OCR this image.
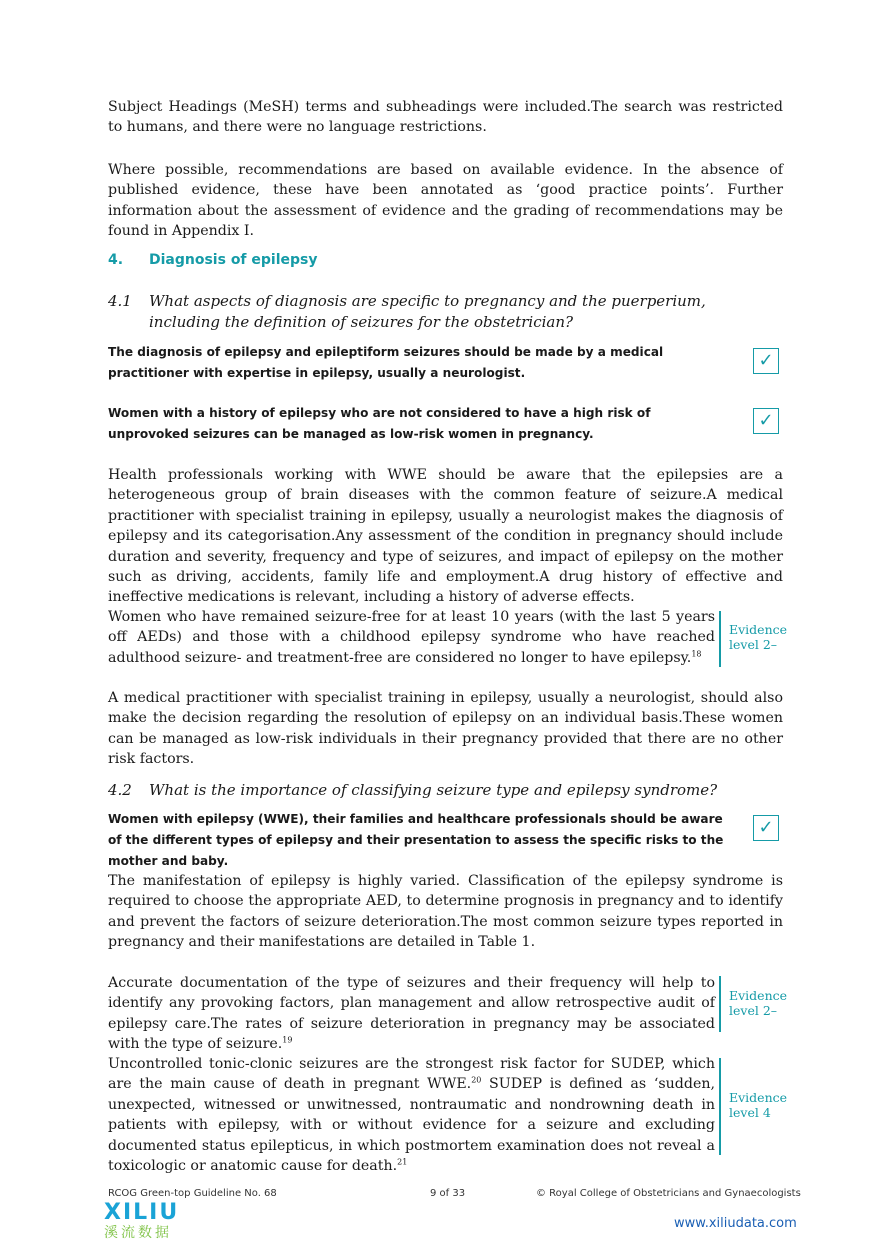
Subject Headings (MeSH) terms and subheadings were included.The search was restricted to humans, and there were no language restrictions.

Where possible, recommendations are based on available evidence. In the absence of published evidence, these have been annotated as ‘good practice points’. Further information about the assessment of evidence and the grading of recommendations may be found in Appendix I.

4. Diagnosis of epilepsy
4.1 What aspects of diagnosis are specific to pregnancy and the puerperium, including the definition of seizures for the obstetrician?

The diagnosis of epilepsy and epileptiform seizures should be made by a medical practitioner with expertise in epilepsy, usually a neurologist.

✓

Women with a history of epilepsy who are not considered to have a high risk of unprovoked seizures can be managed as low-risk women in pregnancy.

✓

Health professionals working with WWE should be aware that the epilepsies are a heterogeneous group of brain diseases with the common feature of seizure.A medical practitioner with specialist training in epilepsy, usually a neurologist makes the diagnosis of epilepsy and its categorisation.Any assessment of the condition in pregnancy should include duration and severity, frequency and type of seizures, and impact of epilepsy on the mother such as driving, accidents, family life and employment.A drug history of effective and ineffective medications is relevant, including a history of adverse effects.

Women who have remained seizure-free for at least 10 years (with the last 5 years off AEDs) and those with a childhood epilepsy syndrome who have reached adulthood seizure- and treatment-free are considered no longer to have epilepsy.$^{18}$

Evidence level 2–

A medical practitioner with specialist training in epilepsy, usually a neurologist, should also make the decision regarding the resolution of epilepsy on an individual basis.These women can be managed as low-risk individuals in their pregnancy provided that there are no other risk factors.

4.2 What is the importance of classifying seizure type and epilepsy syndrome?

Women with epilepsy (WWE), their families and healthcare professionals should be aware of the different types of epilepsy and their presentation to assess the specific risks to the mother and baby.

✓

The manifestation of epilepsy is highly varied. Classification of the epilepsy syndrome is required to choose the appropriate AED, to determine prognosis in pregnancy and to identify and prevent the factors of seizure deterioration.The most common seizure types reported in pregnancy and their manifestations are detailed in Table 1.

Accurate documentation of the type of seizures and their frequency will help to identify any provoking factors, plan management and allow retrospective audit of epilepsy care.The rates of seizure deterioration in pregnancy may be associated with the type of seizure.$^{19}$

Evidence level 2–

Uncontrolled tonic-clonic seizures are the strongest risk factor for SUDEP, which are the main cause of death in pregnant WWE.$^{20}$ SUDEP is defined as ‘sudden, unexpected, witnessed or unwitnessed, nontraumatic and nondrowning death in patients with epilepsy, with or without evidence for a seizure and excluding documented status epilepticus, in which postmortem examination does not reveal a toxicologic or anatomic cause for death.$^{21}$

Evidence level 4
RCOG Green-top Guideline No. 68	9 of 33	© Royal College of Obstetricians and Gynaecologists
XILIU
溪流数据
www.xiliudata.com
